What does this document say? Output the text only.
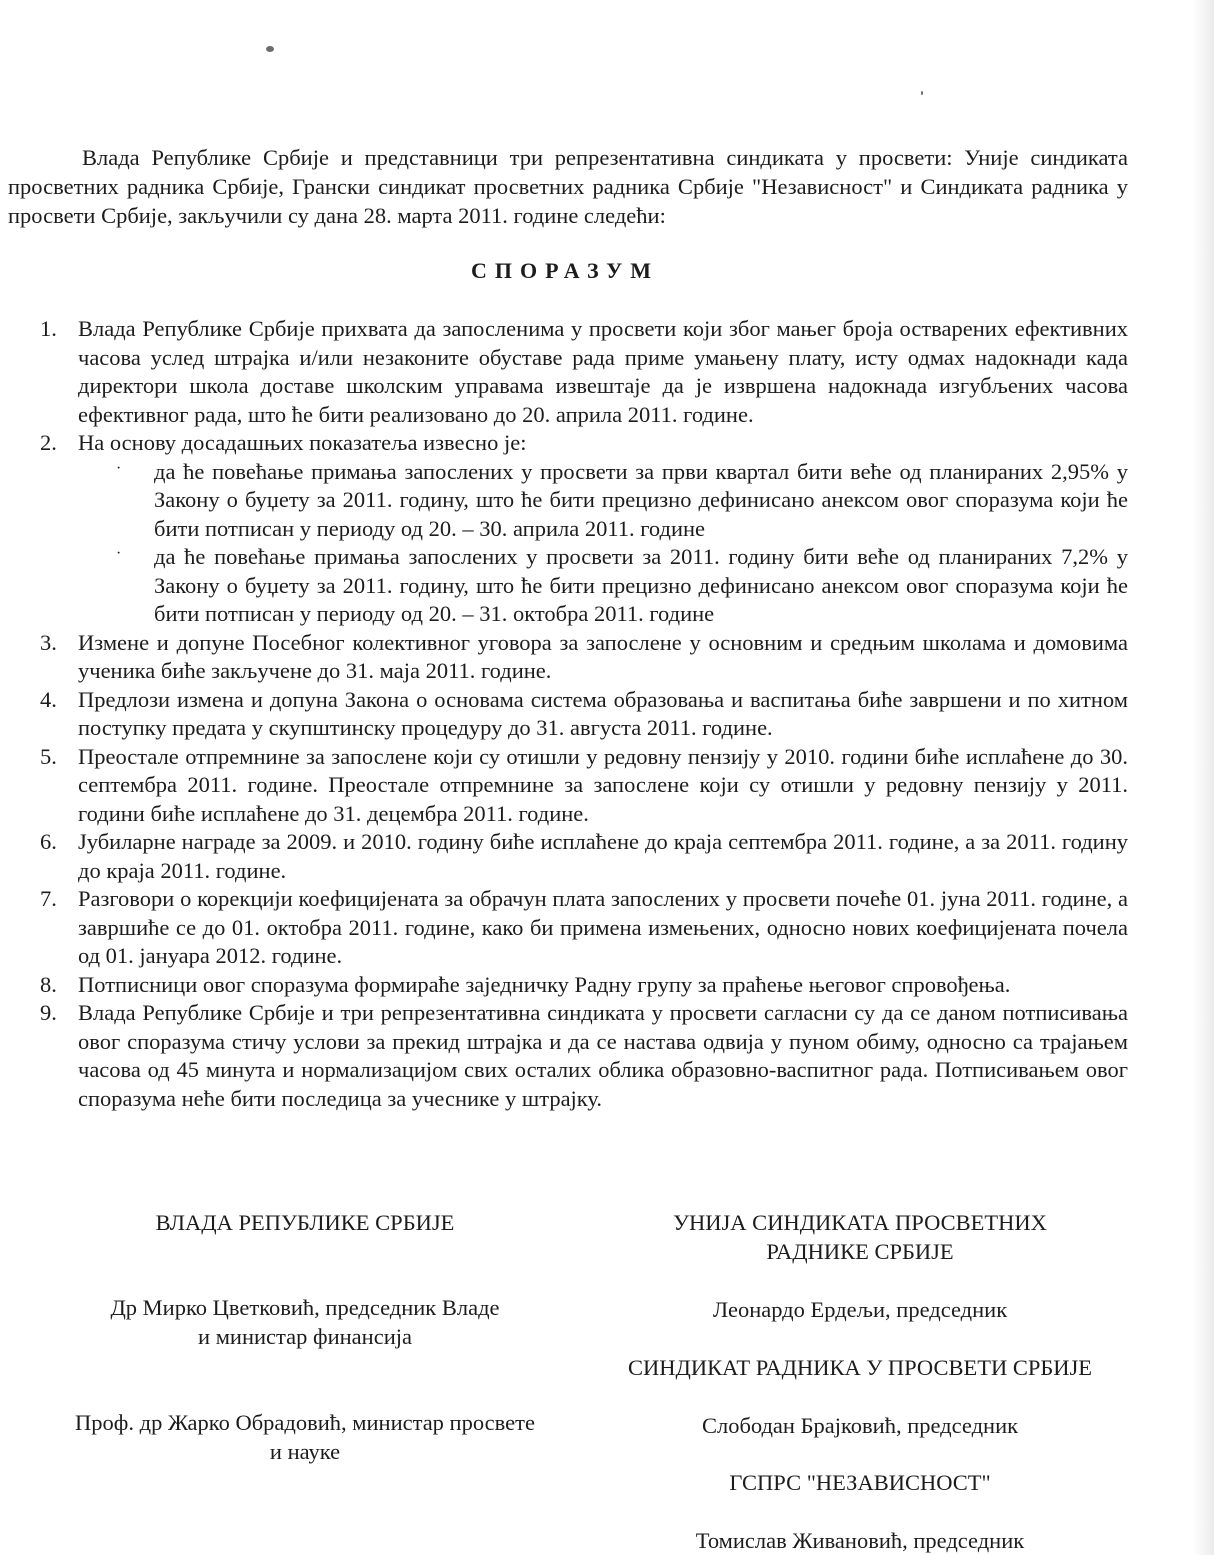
Влада Републике Србије и представници три репрезентативна синдиката у просвети: Уније синдиката просветних радника Србије, Грански синдикат просветних радника Србије "Независност" и Синдиката радника у просвети Србије, закључили су дана 28. марта 2011. године следећи:

СПОРАЗУМ
1. Влада Републике Србије прихвата да запосленима у просвети који због мањег броја остварених ефективних часова услед штрајка и/или незаконите обуставе рада приме умањену плату, исту одмах надокнади када директори школа доставе школским управама извештаје да је извршена надокнада изгубљених часова ефективног рада, што ће бити реализовано до 20. априла 2011. године.
2. На основу досадашњих показатеља извесно је:
· да ће повећање примања запослених у просвети за први квартал бити веће од планираних 2,95% у Закону о буџету за 2011. годину, што ће бити прецизно дефинисано анексом овог споразума који ће бити потписан у периоду од 20. – 30. априла 2011. године
· да ће повећање примања запослених у просвети за 2011. годину бити веће од планираних 7,2% у Закону о буџету за 2011. годину, што ће бити прецизно дефинисано анексом овог споразума који ће бити потписан у периоду од 20. – 31. октобра 2011. године
3. Измене и допуне Посебног колективног уговора за запослене у основним и средњим школама и домовима ученика биће закључене до 31. маја 2011. године.
4. Предлози измена и допуна Закона о основама система образовања и васпитања биће завршени и по хитном поступку предата у скупштинску процедуру до 31. августа 2011. године.
5. Преостале отпремнине за запослене који су отишли у редовну пензију у 2010. години биће исплаћене до 30. септембра 2011. године. Преостале отпремнине за запослене који су отишли у редовну пензију у 2011. години биће исплаћене до 31. децембра 2011. године.
6. Јубиларне награде за 2009. и 2010. годину биће исплаћене до краја септембра 2011. године, а за 2011. годину до краја 2011. године.
7. Разговори о корекцији коефицијената за обрачун плата запослених у просвети почеће 01. јуна 2011. године, а завршиће се до 01. октобра 2011. године, како би примена измењених, односно нових коефицијената почела од 01. јануара 2012. године.
8. Потписници овог споразума формираће заједничку Радну групу за праћење његовог спровођења.
9. Влада Републике Србије и три репрезентативна синдиката у просвети сагласни су да се даном потписивања овог споразума стичу услови за прекид штрајка и да се настава одвија у пуном обиму, односно са трајањем часова од 45 минута и нормализацијом свих осталих облика образовно-васпитног рада. Потписивањем овог споразума неће бити последица за учеснике у штрајку.
ВЛАДА РЕПУБЛИКЕ СРБИЈЕ
Др Мирко Цветковић, председник Владе
и министар финансија
Проф. др Жарко Обрадовић, министар просвете
и науке
УНИЈА СИНДИКАТА ПРОСВЕТНИХ
РАДНИКЕ СРБИЈЕ
Леонардо Ердељи, председник
СИНДИКАТ РАДНИКА У ПРОСВЕТИ СРБИЈЕ
Слободан Брајковић, председник
ГСПРС "НЕЗАВИСНОСТ"
Томислав Живановић, председник
